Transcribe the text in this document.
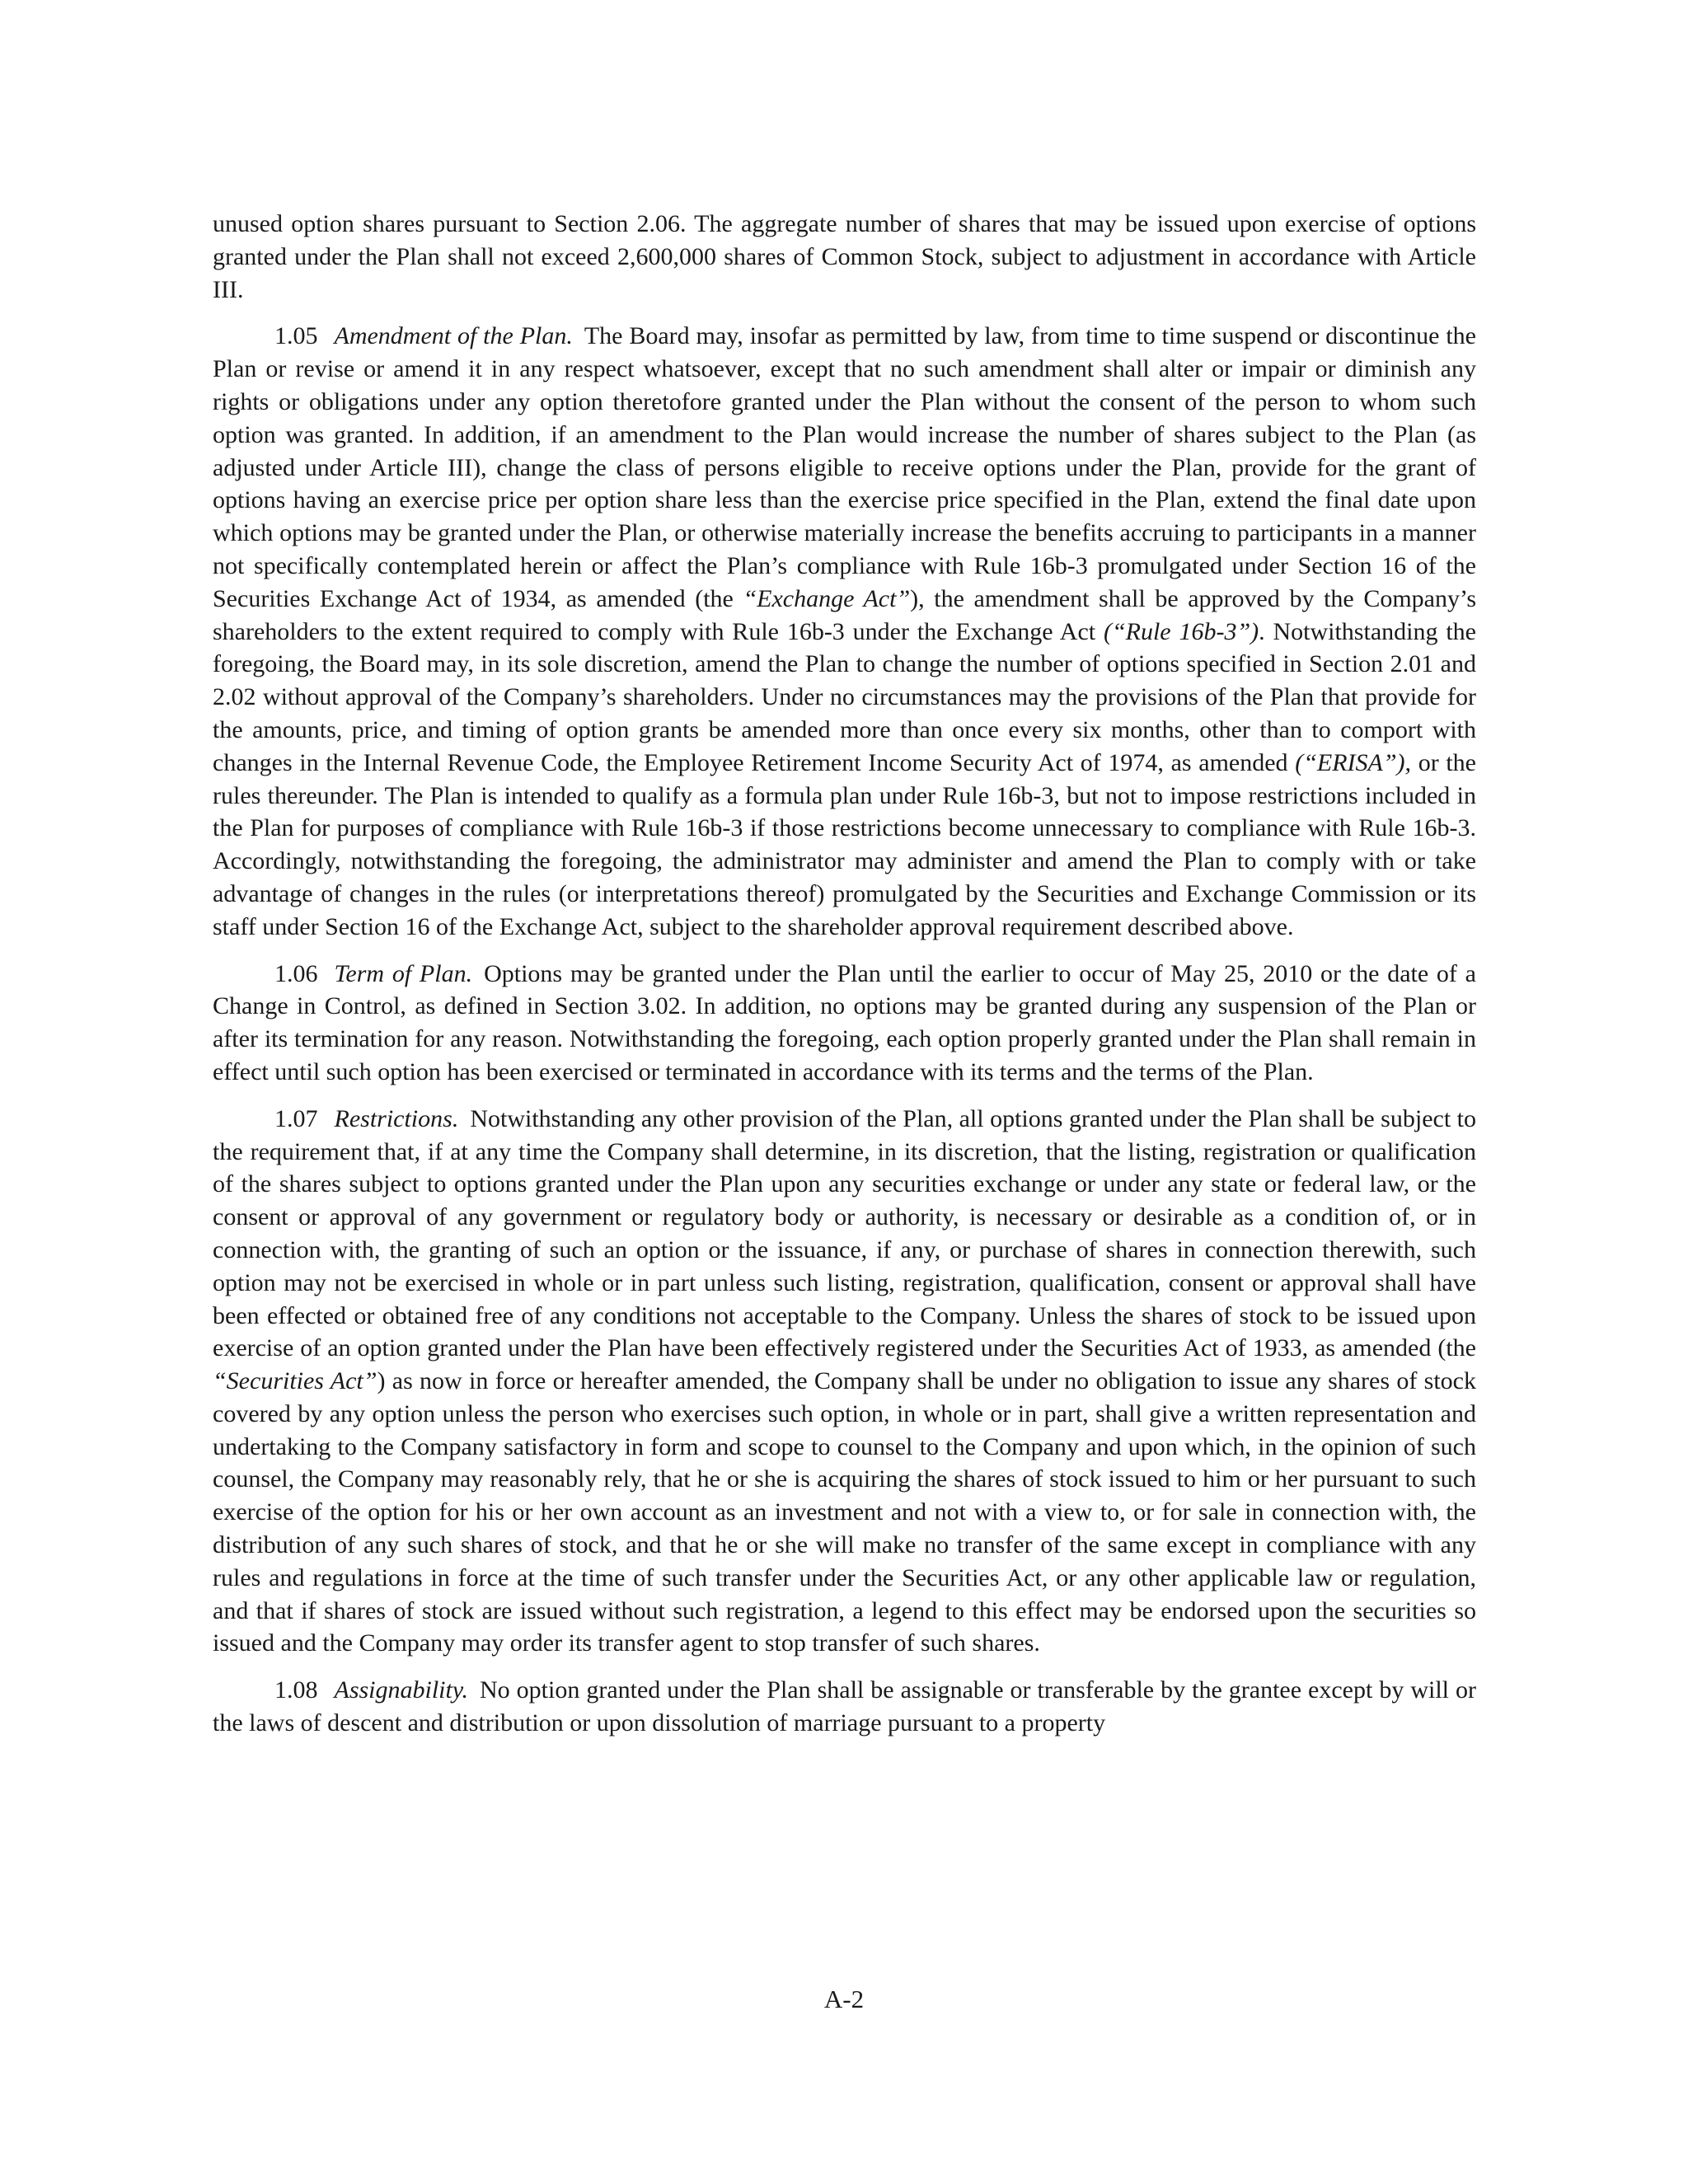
unused option shares pursuant to Section 2.06. The aggregate number of shares that may be issued upon exercise of options granted under the Plan shall not exceed 2,600,000 shares of Common Stock, subject to adjustment in accordance with Article III.

1.05 Amendment of the Plan. The Board may, insofar as permitted by law, from time to time suspend or discontinue the Plan or revise or amend it in any respect whatsoever, except that no such amendment shall alter or impair or diminish any rights or obligations under any option theretofore granted under the Plan without the consent of the person to whom such option was granted. In addition, if an amendment to the Plan would increase the number of shares subject to the Plan (as adjusted under Article III), change the class of persons eligible to receive options under the Plan, provide for the grant of options having an exercise price per option share less than the exercise price specified in the Plan, extend the final date upon which options may be granted under the Plan, or otherwise materially increase the benefits accruing to participants in a manner not specifically contemplated herein or affect the Plan’s compliance with Rule 16b-3 promulgated under Section 16 of the Securities Exchange Act of 1934, as amended (the “Exchange Act”), the amendment shall be approved by the Company’s shareholders to the extent required to comply with Rule 16b-3 under the Exchange Act (“Rule 16b-3”). Notwithstanding the foregoing, the Board may, in its sole discretion, amend the Plan to change the number of options specified in Section 2.01 and 2.02 without approval of the Company’s shareholders. Under no circumstances may the provisions of the Plan that provide for the amounts, price, and timing of option grants be amended more than once every six months, other than to comport with changes in the Internal Revenue Code, the Employee Retirement Income Security Act of 1974, as amended (“ERISA”), or the rules thereunder. The Plan is intended to qualify as a formula plan under Rule 16b-3, but not to impose restrictions included in the Plan for purposes of compliance with Rule 16b-3 if those restrictions become unnecessary to compliance with Rule 16b-3. Accordingly, notwithstanding the foregoing, the administrator may administer and amend the Plan to comply with or take advantage of changes in the rules (or interpretations thereof) promulgated by the Securities and Exchange Commission or its staff under Section 16 of the Exchange Act, subject to the shareholder approval requirement described above.

1.06 Term of Plan. Options may be granted under the Plan until the earlier to occur of May 25, 2010 or the date of a Change in Control, as defined in Section 3.02. In addition, no options may be granted during any suspension of the Plan or after its termination for any reason. Notwithstanding the foregoing, each option properly granted under the Plan shall remain in effect until such option has been exercised or terminated in accordance with its terms and the terms of the Plan.

1.07 Restrictions. Notwithstanding any other provision of the Plan, all options granted under the Plan shall be subject to the requirement that, if at any time the Company shall determine, in its discretion, that the listing, registration or qualification of the shares subject to options granted under the Plan upon any securities exchange or under any state or federal law, or the consent or approval of any government or regulatory body or authority, is necessary or desirable as a condition of, or in connection with, the granting of such an option or the issuance, if any, or purchase of shares in connection therewith, such option may not be exercised in whole or in part unless such listing, registration, qualification, consent or approval shall have been effected or obtained free of any conditions not acceptable to the Company. Unless the shares of stock to be issued upon exercise of an option granted under the Plan have been effectively registered under the Securities Act of 1933, as amended (the “Securities Act”) as now in force or hereafter amended, the Company shall be under no obligation to issue any shares of stock covered by any option unless the person who exercises such option, in whole or in part, shall give a written representation and undertaking to the Company satisfactory in form and scope to counsel to the Company and upon which, in the opinion of such counsel, the Company may reasonably rely, that he or she is acquiring the shares of stock issued to him or her pursuant to such exercise of the option for his or her own account as an investment and not with a view to, or for sale in connection with, the distribution of any such shares of stock, and that he or she will make no transfer of the same except in compliance with any rules and regulations in force at the time of such transfer under the Securities Act, or any other applicable law or regulation, and that if shares of stock are issued without such registration, a legend to this effect may be endorsed upon the securities so issued and the Company may order its transfer agent to stop transfer of such shares.

1.08 Assignability. No option granted under the Plan shall be assignable or transferable by the grantee except by will or the laws of descent and distribution or upon dissolution of marriage pursuant to a property

A-2
